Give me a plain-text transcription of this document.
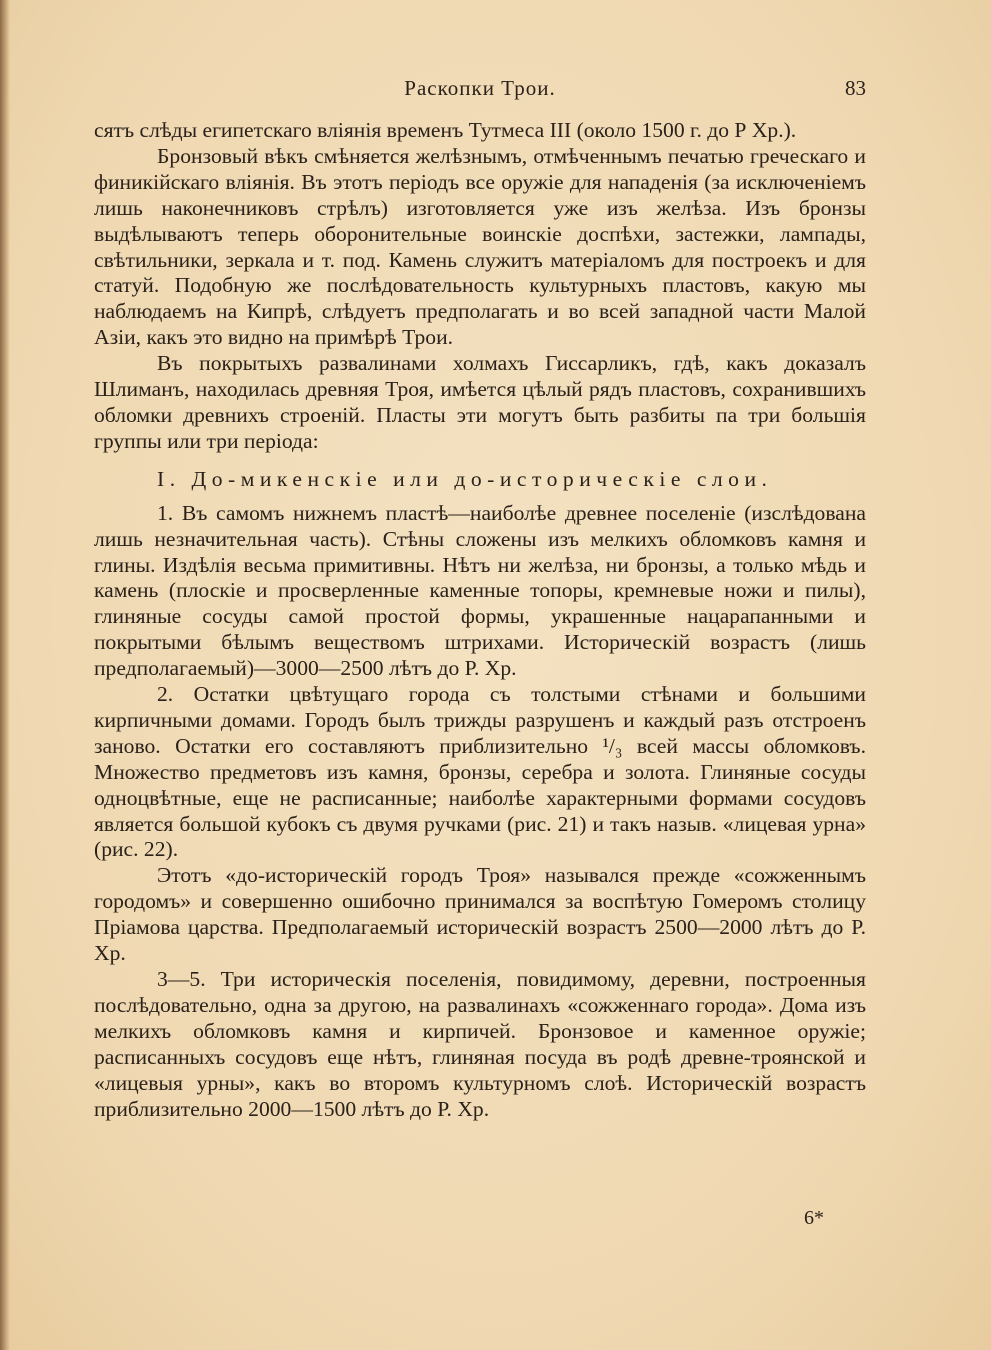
Раскопки Трои.	83

сятъ слѣды египетскаго вліянія временъ Тутмеса III (около 1500 г. до Р Хр.).

Бронзовый вѣкъ смѣняется желѣзнымъ, отмѣченнымъ печатью греческаго и финикійскаго вліянія. Въ этотъ періодъ все оружіе для нападенія (за исключеніемъ лишь наконечниковъ стрѣлъ) изготовляется уже изъ желѣза. Изъ бронзы выдѣлываютъ теперь оборонительные воинскіе доспѣхи, застежки, лампады, свѣтильники, зеркала и т. под. Камень служитъ матеріаломъ для построекъ и для статуй. Подобную же послѣдовательность культурныхъ пластовъ, какую мы наблюдаемъ на Кипрѣ, слѣдуетъ предполагать и во всей западной части Малой Азіи, какъ это видно на примѣрѣ Трои.

Въ покрытыхъ развалинами холмахъ Гиссарликъ, гдѣ, какъ доказалъ Шлиманъ, находилась древняя Троя, имѣется цѣлый рядъ пластовъ, сохранившихъ обломки древнихъ строеній. Пласты эти могутъ быть разбиты па три большія группы или три періода:

I. До-микенскіе или до-историческіе слои.

1. Въ самомъ нижнемъ пластѣ—наиболѣе древнее поселеніе (изслѣдована лишь незначительная часть). Стѣны сложены изъ мелкихъ обломковъ камня и глины. Издѣлія весьма примитивны. Нѣтъ ни желѣза, ни бронзы, а только мѣдь и камень (плоскіе и просверленные каменные топоры, кремневые ножи и пилы), глиняные сосуды самой простой формы, украшенные нацарапанными и покрытыми бѣлымъ веществомъ штрихами. Историческій возрастъ (лишь предполагаемый)—3000—2500 лѣтъ до Р. Хр.

2. Остатки цвѣтущаго города съ толстыми стѣнами и большими кирпичными домами. Городъ былъ трижды разрушенъ и каждый разъ отстроенъ заново. Остатки его составляютъ приблизительно ¹/₃ всей массы обломковъ. Множество предметовъ изъ камня, бронзы, серебра и золота. Глиняные сосуды одноцвѣтные, еще не расписанные; наиболѣе характерными формами сосудовъ является большой кубокъ съ двумя ручками (рис. 21) и такъ назыв. «лицевая урна» (рис. 22).

Этотъ «до-историческій городъ Троя» назывался прежде «сожженнымъ городомъ» и совершенно ошибочно принимался за воспѣтую Гомеромъ столицу Пріамова царства. Предполагаемый историческій возрастъ 2500—2000 лѣтъ до Р. Хр.

3—5. Три историческія поселенія, повидимому, деревни, построенныя послѣдовательно, одна за другою, на развалинахъ «сожженнаго города». Дома изъ мелкихъ обломковъ камня и кирпичей. Бронзовое и каменное оружіе; расписанныхъ сосудовъ еще нѣтъ, глиняная посуда въ родѣ древне-троянской и «лицевыя урны», какъ во второмъ культурномъ слоѣ. Историческій возрастъ приблизительно 2000—1500 лѣтъ до Р. Хр.

6*
